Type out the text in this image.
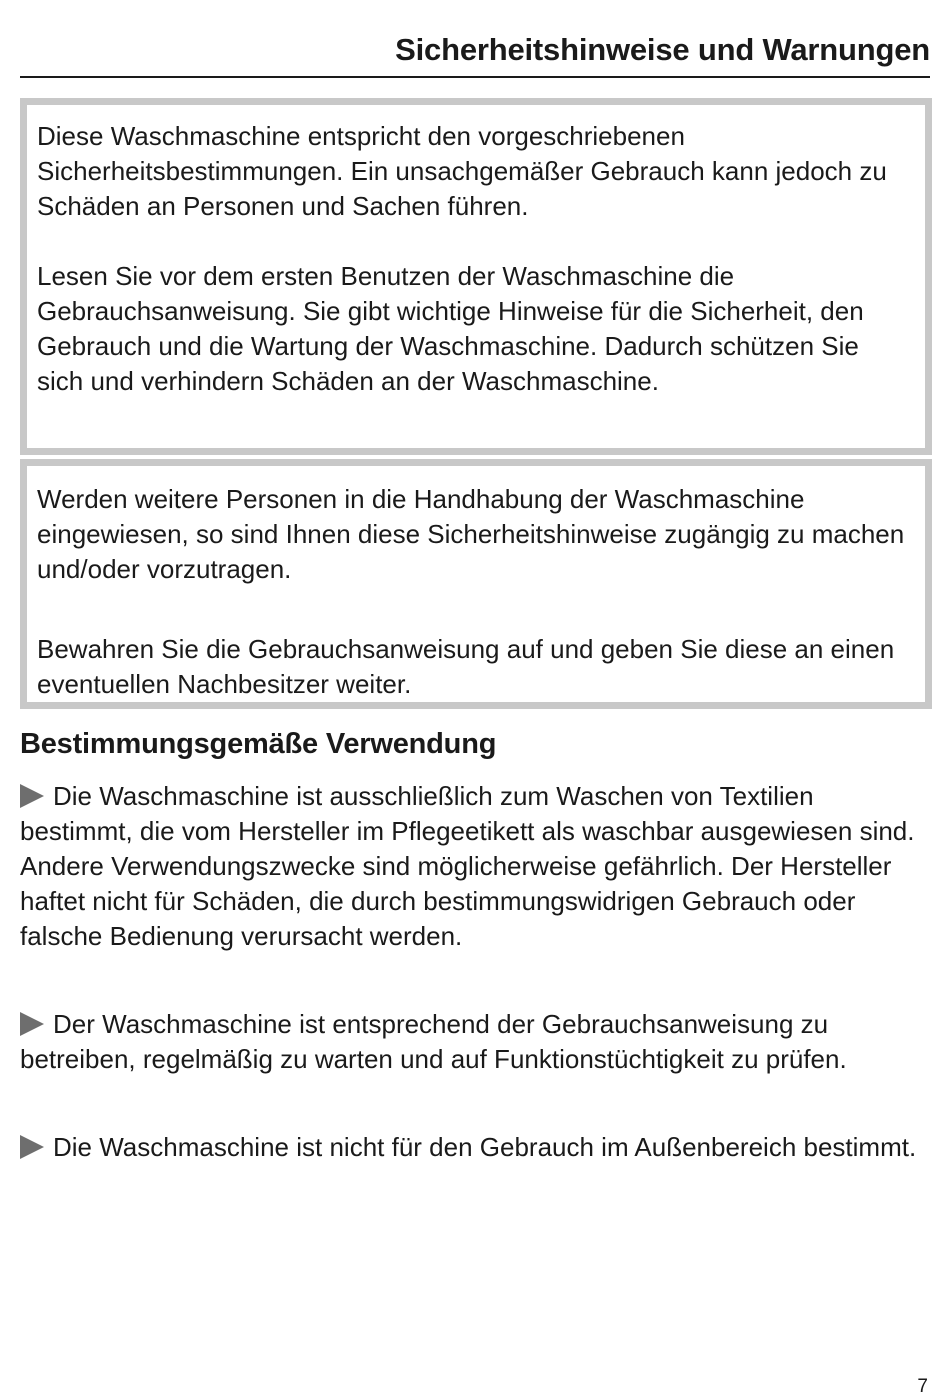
Sicherheitshinweise und Warnungen

Diese Waschmaschine entspricht den vorgeschriebenen Sicherheitsbestimmungen. Ein unsachgemäßer Gebrauch kann jedoch zu Schäden an Personen und Sachen führen.

Lesen Sie vor dem ersten Benutzen der Waschmaschine die Gebrauchsanweisung. Sie gibt wichtige Hinweise für die Sicherheit, den Gebrauch und die Wartung der Waschmaschine. Dadurch schützen Sie sich und verhindern Schäden an der Waschmaschine.

Werden weitere Personen in die Handhabung der Waschmaschine eingewiesen, so sind Ihnen diese Sicherheitshinweise zugängig zu machen und/oder vorzutragen.

Bewahren Sie die Gebrauchsanweisung auf und geben Sie diese an einen eventuellen Nachbesitzer weiter.

Bestimmungsgemäße Verwendung

Die Waschmaschine ist ausschließlich zum Waschen von Textilien bestimmt, die vom Hersteller im Pflegeetikett als waschbar ausgewiesen sind. Andere Verwendungszwecke sind möglicherweise gefährlich. Der Hersteller haftet nicht für Schäden, die durch bestimmungswidrigen Gebrauch oder falsche Bedienung verursacht werden.

Der Waschmaschine ist entsprechend der Gebrauchsanweisung zu betreiben, regelmäßig zu warten und auf Funktionstüchtigkeit zu prüfen.

Die Waschmaschine ist nicht für den Gebrauch im Außenbereich bestimmt.

7
